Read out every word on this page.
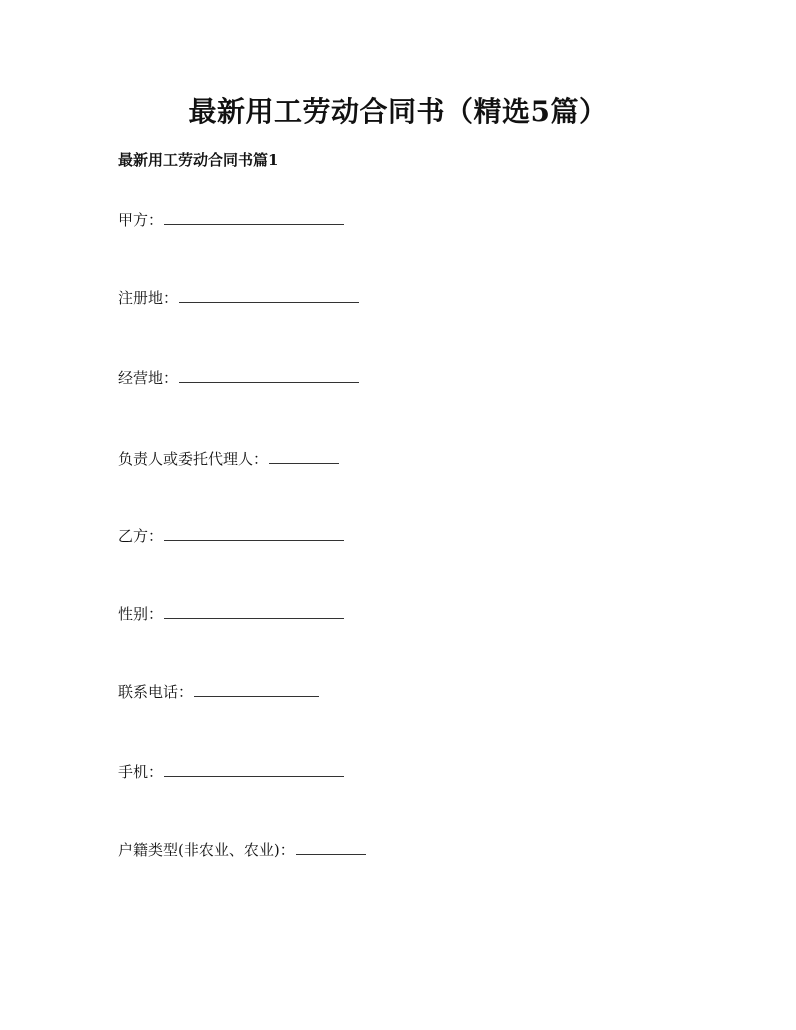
最新用工劳动合同书（精选5篇）
最新用工劳动合同书篇1
甲方：
注册地：
经营地：
负责人或委托代理人：
乙方：
性别：
联系电话：
手机：
户籍类型(非农业、农业)：
